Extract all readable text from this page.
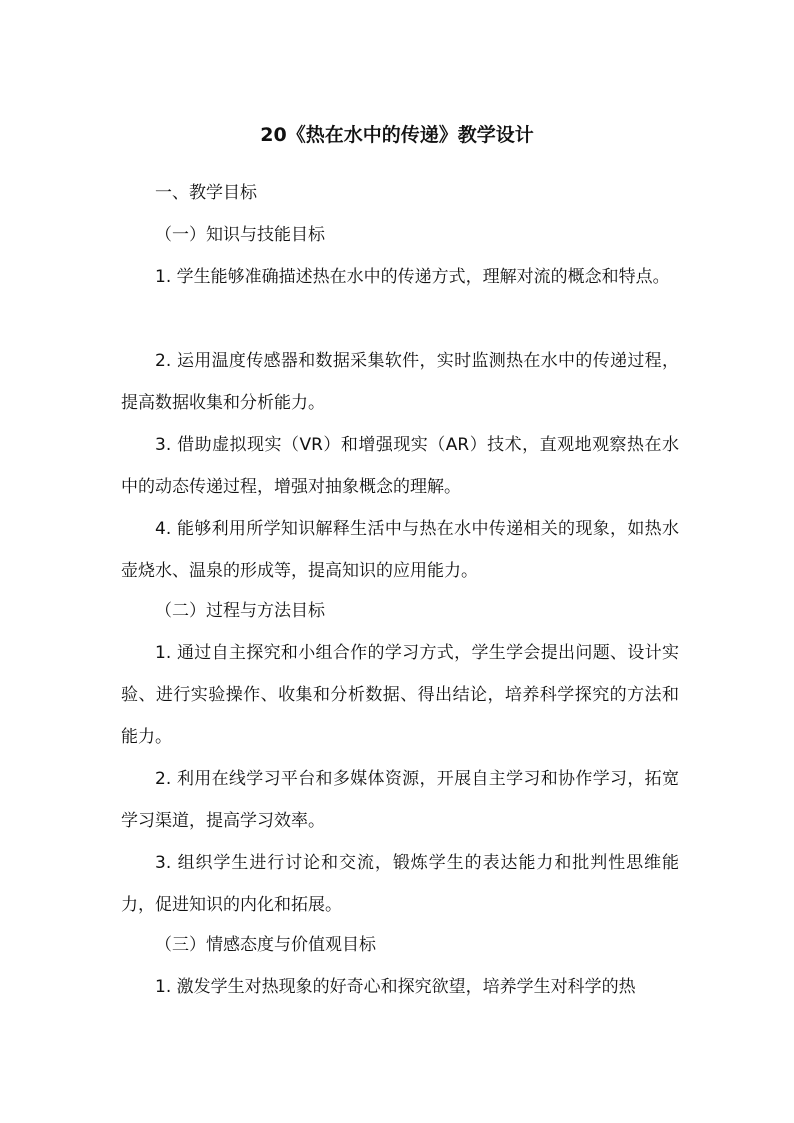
20《热在水中的传递》教学设计
一、教学目标
（一）知识与技能目标
1. 学生能够准确描述热在水中的传递方式，理解对流的概念和特点。
2. 运用温度传感器和数据采集软件，实时监测热在水中的传递过程，提高数据收集和分析能力。
3. 借助虚拟现实（VR）和增强现实（AR）技术，直观地观察热在水中的动态传递过程，增强对抽象概念的理解。
4. 能够利用所学知识解释生活中与热在水中传递相关的现象，如热水壶烧水、温泉的形成等，提高知识的应用能力。
（二）过程与方法目标
1. 通过自主探究和小组合作的学习方式，学生学会提出问题、设计实验、进行实验操作、收集和分析数据、得出结论，培养科学探究的方法和能力。
2. 利用在线学习平台和多媒体资源，开展自主学习和协作学习，拓宽学习渠道，提高学习效率。
3. 组织学生进行讨论和交流，锻炼学生的表达能力和批判性思维能力，促进知识的内化和拓展。
（三）情感态度与价值观目标
1. 激发学生对热现象的好奇心和探究欲望，培养学生对科学的热
